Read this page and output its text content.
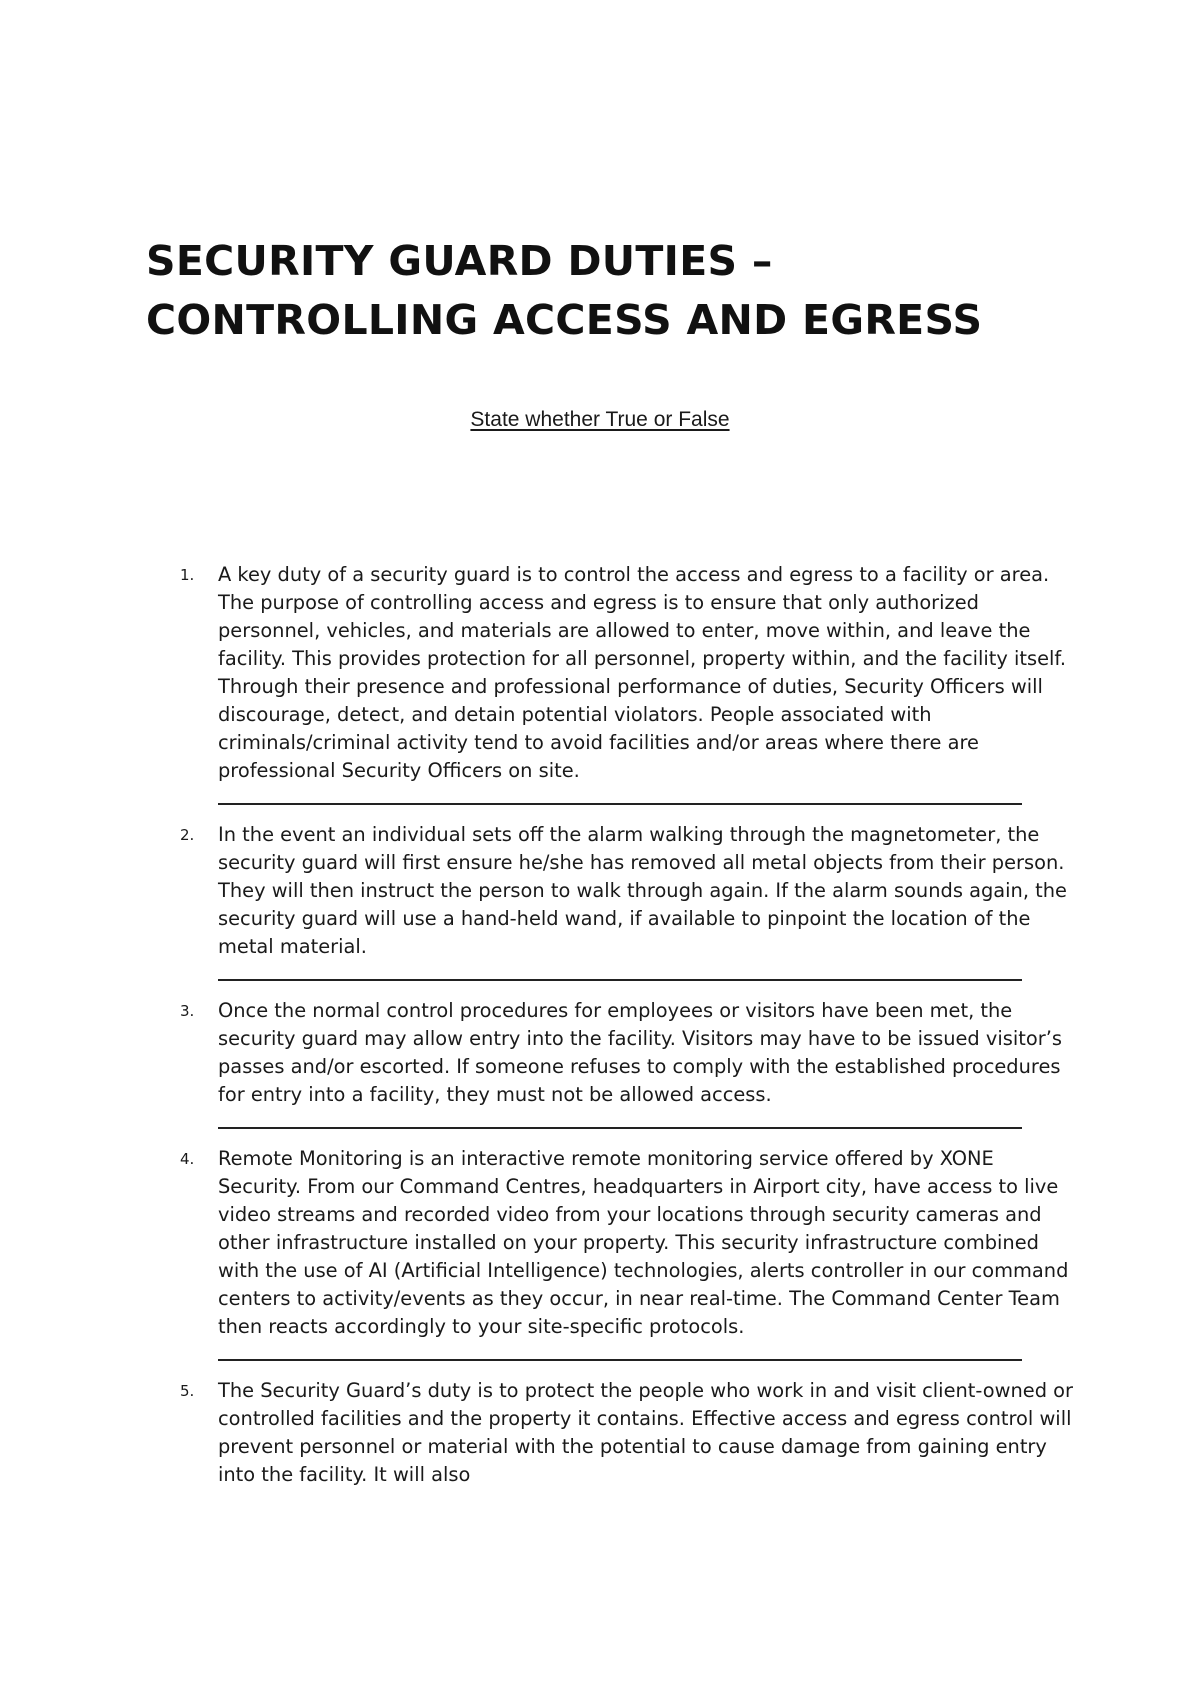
SECURITY GUARD DUTIES – CONTROLLING ACCESS AND EGRESS

State whether True or False

1. A key duty of a security guard is to control the access and egress to a facility or area. The purpose of controlling access and egress is to ensure that only authorized personnel, vehicles, and materials are allowed to enter, move within, and leave the facility. This provides protection for all personnel, property within, and the facility itself. Through their presence and professional performance of duties, Security Officers will discourage, detect, and detain potential violators. People associated with criminals/criminal activity tend to avoid facilities and/or areas where there are professional Security Officers on site.
2. In the event an individual sets off the alarm walking through the magnetometer, the security guard will first ensure he/she has removed all metal objects from their person. They will then instruct the person to walk through again. If the alarm sounds again, the security guard will use a hand-held wand, if available to pinpoint the location of the metal material.
3. Once the normal control procedures for employees or visitors have been met, the security guard may allow entry into the facility. Visitors may have to be issued visitor’s passes and/or escorted. If someone refuses to comply with the established procedures for entry into a facility, they must not be allowed access.
4. Remote Monitoring is an interactive remote monitoring service offered by XONE Security. From our Command Centres, headquarters in Airport city, have access to live video streams and recorded video from your locations through security cameras and other infrastructure installed on your property. This security infrastructure combined with the use of AI (Artificial Intelligence) technologies, alerts controller in our command centers to activity/events as they occur, in near real-time. The Command Center Team then reacts accordingly to your site-specific protocols.
5. The Security Guard’s duty is to protect the people who work in and visit client-owned or controlled facilities and the property it contains. Effective access and egress control will prevent personnel or material with the potential to cause damage from gaining entry into the facility. It will also
